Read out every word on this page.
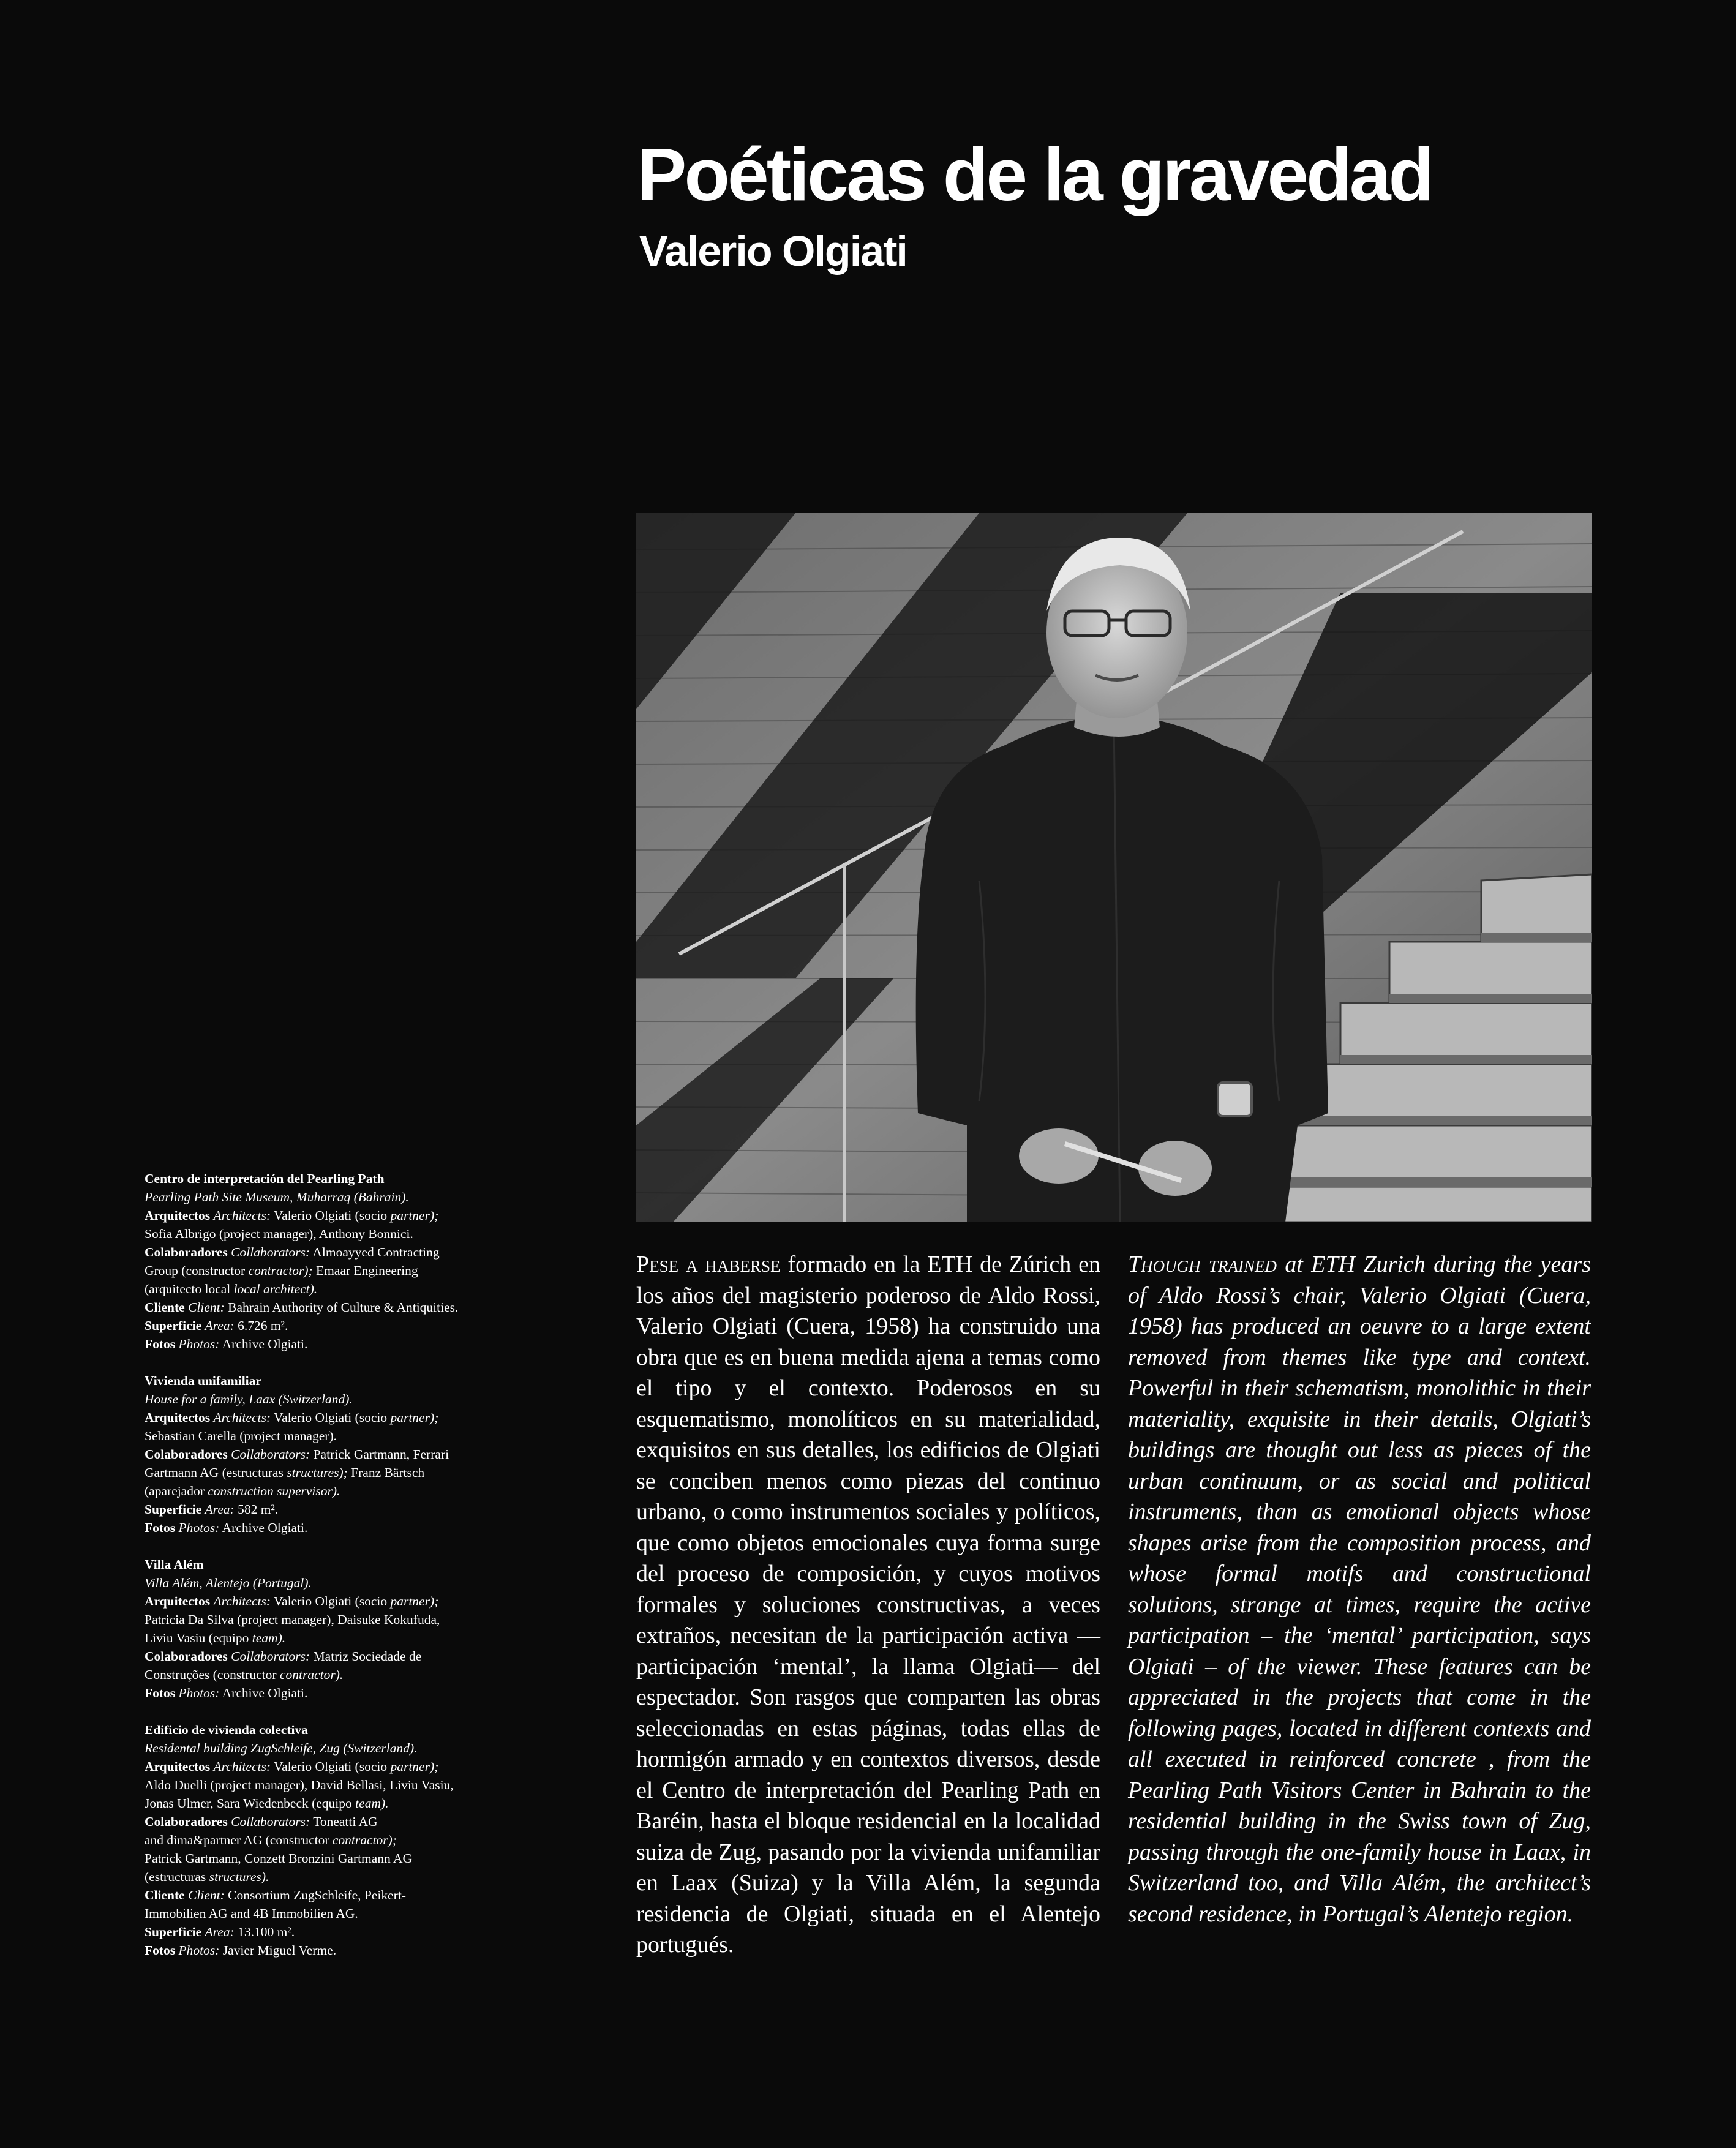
Poéticas de la gravedad
Valerio Olgiati
Centro de interpretación del Pearling Path
Pearling Path Site Museum, Muharraq (Bahrain).
Arquitectos Architects: Valerio Olgiati (socio partner);
Sofia Albrigo (project manager), Anthony Bonnici.
Colaboradores Collaborators: Almoayyed Contracting
Group (constructor contractor); Emaar Engineering
(arquitecto local local architect).
Cliente Client: Bahrain Authority of Culture & Antiquities.
Superficie Area: 6.726 m².
Fotos Photos: Archive Olgiati.
Vivienda unifamiliar
House for a family, Laax (Switzerland).
Arquitectos Architects: Valerio Olgiati (socio partner);
Sebastian Carella (project manager).
Colaboradores Collaborators: Patrick Gartmann, Ferrari
Gartmann AG (estructuras structures); Franz Bärtsch
(aparejador construction supervisor).
Superficie Area: 582 m².
Fotos Photos: Archive Olgiati.
Villa Além
Villa Além, Alentejo (Portugal).
Arquitectos Architects: Valerio Olgiati (socio partner);
Patricia Da Silva (project manager), Daisuke Kokufuda,
Liviu Vasiu (equipo team).
Colaboradores Collaborators: Matriz Sociedade de
Construções (constructor contractor).
Fotos Photos: Archive Olgiati.
Edificio de vivienda colectiva
Residental building ZugSchleife, Zug (Switzerland).
Arquitectos Architects: Valerio Olgiati (socio partner);
Aldo Duelli (project manager), David Bellasi, Liviu Vasiu,
Jonas Ulmer, Sara Wiedenbeck (equipo team).
Colaboradores Collaborators: Toneatti AG
and dima&partner AG (constructor contractor);
Patrick Gartmann, Conzett Bronzini Gartmann AG
(estructuras structures).
Cliente Client: Consortium ZugSchleife, Peikert-
Immobilien AG and 4B Immobilien AG.
Superficie Area: 13.100 m².
Fotos Photos: Javier Miguel Verme.
Pese a haberse formado en la ETH de Zúrich en los años del magisterio poderoso de Aldo Rossi, Valerio Olgiati (Cuera, 1958) ha construido una obra que es en buena medida ajena a temas como el tipo y el contexto. Poderosos en su esquematismo, monolíticos en su materialidad, exquisitos en sus detalles, los edificios de Olgiati se conciben menos como piezas del continuo urbano, o como instrumentos sociales y políticos, que como objetos emocionales cuya forma surge del proceso de composición, y cuyos motivos formales y soluciones constructivas, a veces extraños, necesitan de la participación activa —participación ‘mental’, la llama Olgiati— del espectador. Son rasgos que comparten las obras seleccionadas en estas páginas, todas ellas de hormigón armado y en contextos diversos, desde el Centro de interpretación del Pearling Path en Baréin, hasta el bloque residencial en la localidad suiza de Zug, pasando por la vivienda unifamiliar en Laax (Suiza) y la Villa Além, la segunda residencia de Olgiati, situada en el Alentejo portugués.
Though trained at ETH Zurich during the years of Aldo Rossi’s chair, Valerio Olgiati (Cuera, 1958) has produced an oeuvre to a large extent removed from themes like type and context. Powerful in their schematism, monolithic in their materiality, exquisite in their details, Olgiati’s buildings are thought out less as pieces of the urban continuum, or as social and political instruments, than as emotional objects whose shapes arise from the composition process, and whose formal motifs and constructional solutions, strange at times, require the active participation – the ‘mental’ participation, says Olgiati – of the viewer. These features can be appreciated in the projects that come in the following pages, located in different contexts and all executed in reinforced concrete , from the Pearling Path Visitors Center in Bahrain to the residential building in the Swiss town of Zug, passing through the one-family house in Laax, in Switzerland too, and Villa Além, the architect’s second residence, in Portugal’s Alentejo region.
